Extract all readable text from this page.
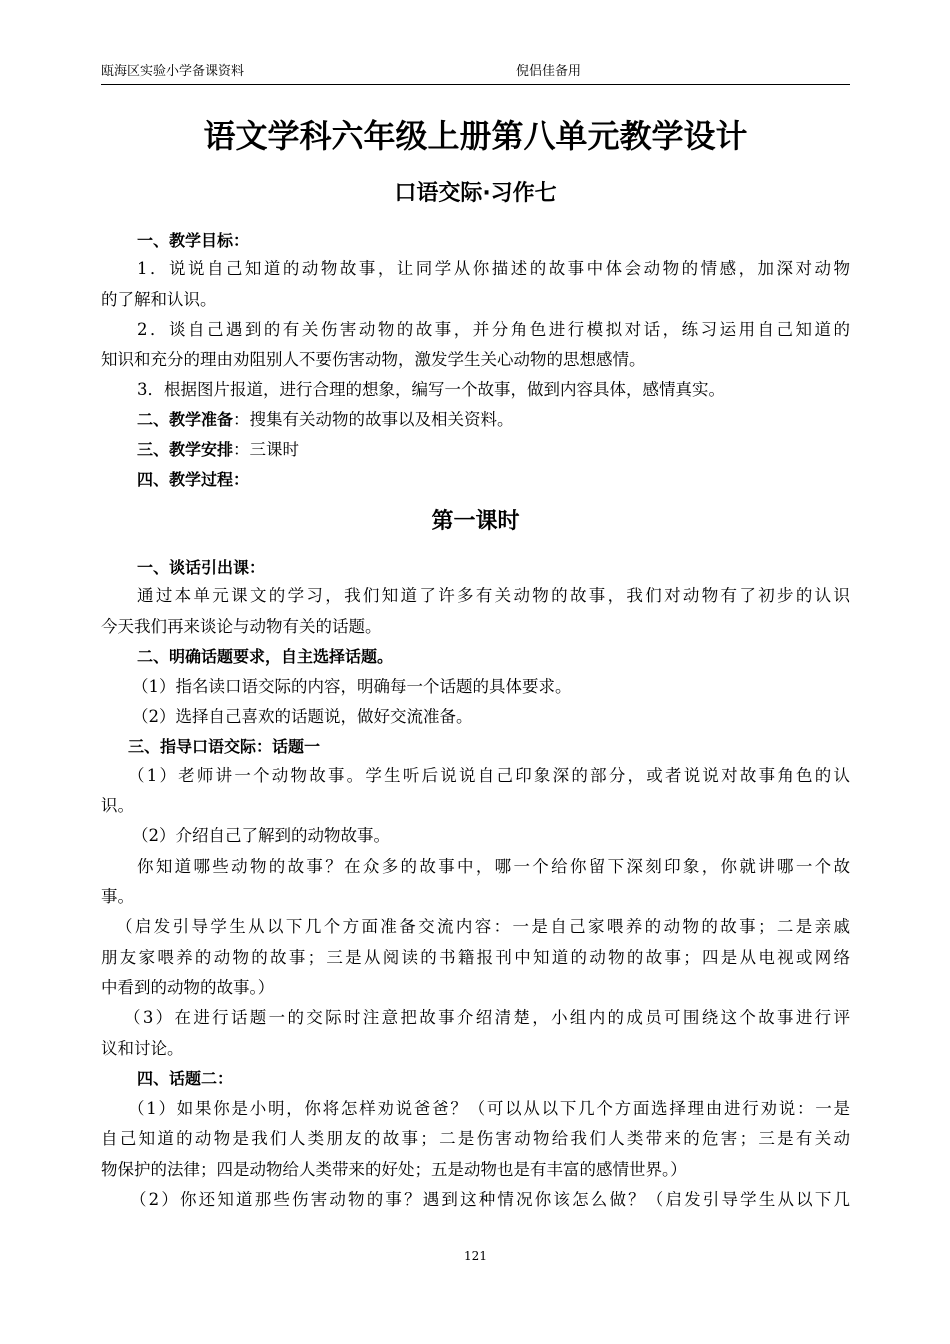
瓯海区实验小学备课资料	倪侣佳备用
语文学科六年级上册第八单元教学设计
口语交际·习作七
一、教学目标：
1．说说自己知道的动物故事，让同学从你描述的故事中体会动物的情感，加深对动物
的了解和认识。
2．谈自己遇到的有关伤害动物的故事，并分角色进行模拟对话，练习运用自己知道的
知识和充分的理由劝阻别人不要伤害动物，激发学生关心动物的思想感情。
3．根据图片报道，进行合理的想象，编写一个故事，做到内容具体，感情真实。
二、教学准备：搜集有关动物的故事以及相关资料。
三、教学安排：三课时
四、教学过程：
第一课时
一、谈话引出课：
通过本单元课文的学习，我们知道了许多有关动物的故事，我们对动物有了初步的认识
今天我们再来谈论与动物有关的话题。
二、明确话题要求，自主选择话题。
（1）指名读口语交际的内容，明确每一个话题的具体要求。
（2）选择自己喜欢的话题说，做好交流准备。
三、指导口语交际：话题一
（1）老师讲一个动物故事。学生听后说说自己印象深的部分，或者说说对故事角色的认
识。
（2）介绍自己了解到的动物故事。
你知道哪些动物的故事？在众多的故事中，哪一个给你留下深刻印象，你就讲哪一个故
事。
（启发引导学生从以下几个方面准备交流内容：一是自己家喂养的动物的故事；二是亲戚
朋友家喂养的动物的故事；三是从阅读的书籍报刊中知道的动物的故事；四是从电视或网络
中看到的动物的故事。）
（3）在进行话题一的交际时注意把故事介绍清楚，小组内的成员可围绕这个故事进行评
议和讨论。
四、话题二：
（1）如果你是小明，你将怎样劝说爸爸？（可以从以下几个方面选择理由进行劝说：一是
自己知道的动物是我们人类朋友的故事；二是伤害动物给我们人类带来的危害；三是有关动
物保护的法律；四是动物给人类带来的好处；五是动物也是有丰富的感情世界。）
（2）你还知道那些伤害动物的事？遇到这种情况你该怎么做？（启发引导学生从以下几
121
